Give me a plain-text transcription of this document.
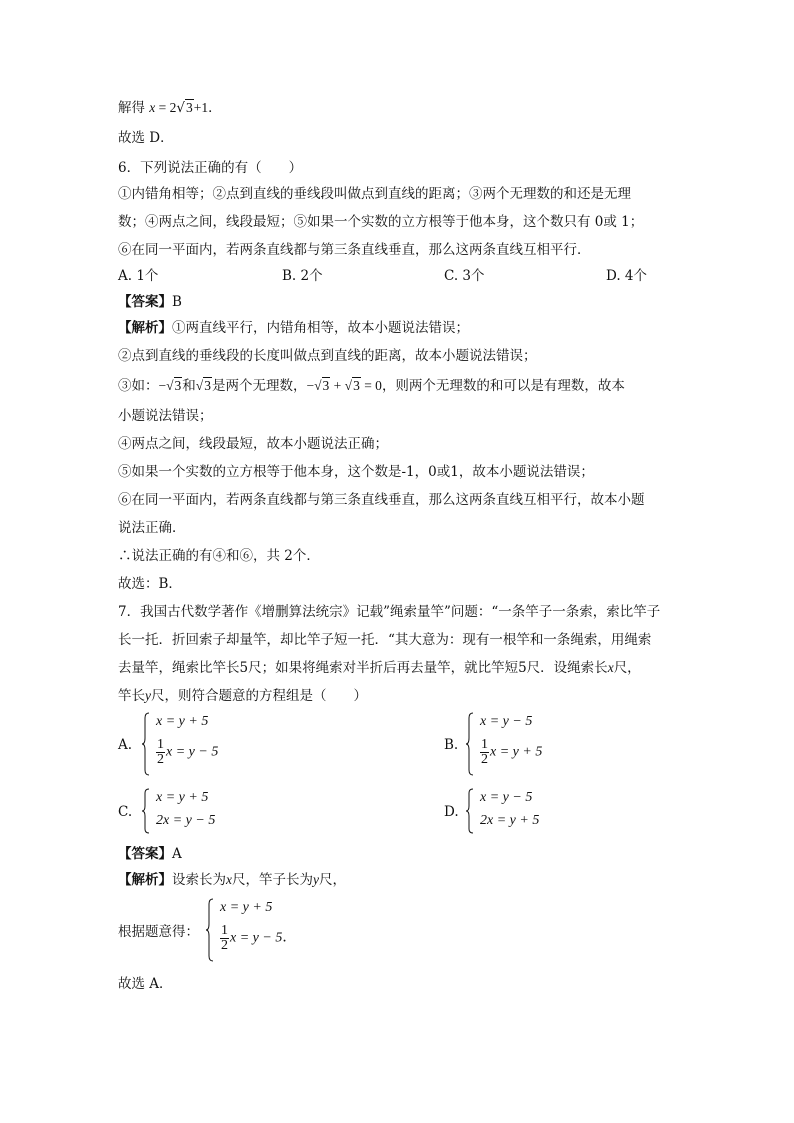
解得 x = 2√3+1．
故选 D．
6．下列说法正确的有（　　）
①内错角相等；②点到直线的垂线段叫做点到直线的距离；③两个无理数的和还是无理
数；④两点之间，线段最短；⑤如果一个实数的立方根等于他本身，这个数只有 0或 1；
⑥在同一平面内，若两条直线都与第三条直线垂直，那么这两条直线互相平行．
A. 1个	B. 2个	C. 3个	D. 4个
【答案】B
【解析】①两直线平行，内错角相等，故本小题说法错误；
②点到直线的垂线段的长度叫做点到直线的距离，故本小题说法错误；
③如：−√3和√3是两个无理数，−√3 + √3 = 0，则两个无理数的和可以是有理数，故本
小题说法错误；
④两点之间，线段最短，故本小题说法正确；
⑤如果一个实数的立方根等于他本身，这个数是-1，0或1，故本小题说法错误；
⑥在同一平面内，若两条直线都与第三条直线垂直，那么这两条直线互相平行，故本小题
说法正确．
∴说法正确的有④和⑥，共 2个．
故选：B．
7．我国古代数学著作《增删算法统宗》记载”绳索量竿”问题：“一条竿子一条索，索比竿子
长一托．折回索子却量竿，却比竿子短一托．“其大意为：现有一根竿和一条绳索，用绳索
去量竿，绳索比竿长5尺；如果将绳索对半折后再去量竿，就比竿短5尺．设绳索长x尺，
竿长y尺，则符合题意的方程组是（　　）
A.
x = y + 5
$\frac{1}{2}$ x = y − 5	B.
x = y − 5
$\frac{1}{2}$ x = y + 5
C.
x = y + 5
2x = y − 5
D.
x = y − 5
2x = y + 5
【答案】A
【解析】设索长为x尺，竿子长为y尺，
根据题意得：
x = y + 5
$\frac{1}{2}$ x = y − 5．
故选 A．
